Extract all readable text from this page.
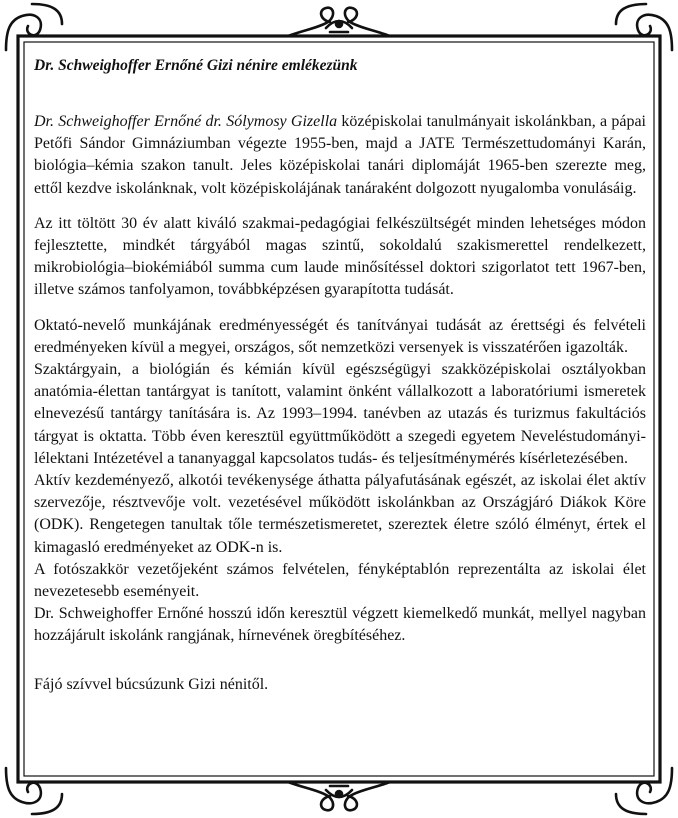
Dr. Schweighoffer Ernőné Gizi nénire emlékezünk

Dr. Schweighoffer Ernőné dr. Sólymosy Gizella középiskolai tanulmányait iskolánkban, a pápai Petőfi Sándor Gimnáziumban végezte 1955-ben, majd a JATE Természettudományi Karán, biológia–kémia szakon tanult. Jeles középiskolai tanári diplomáját 1965-ben szerezte meg, ettől kezdve iskolánknak, volt középiskolájának tanáraként dolgozott nyugalomba vonulásáig.

Az itt töltött 30 év alatt kiváló szakmai-pedagógiai felkészültségét minden lehetséges módon fejlesztette, mindkét tárgyából magas szintű, sokoldalú szakismerettel rendelkezett, mikrobiológia–biokémiából summa cum laude minősítéssel doktori szigorlatot tett 1967-ben, illetve számos tanfolyamon, továbbképzésen gyarapította tudását.

Oktató-nevelő munkájának eredményességét és tanítványai tudását az érettségi és felvételi eredményeken kívül a megyei, országos, sőt nemzetközi versenyek is visszatérően igazolták.

Szaktárgyain, a biológián és kémián kívül egészségügyi szakközépiskolai osztályokban anatómia-élettan tantárgyat is tanított, valamint önként vállalkozott a laboratóriumi ismeretek elnevezésű tantárgy tanítására is. Az 1993–1994. tanévben az utazás és turizmus fakultációs tárgyat is oktatta. Több éven keresztül együttműködött a szegedi egyetem Neveléstudományi-lélektani Intézetével a tananyaggal kapcsolatos tudás- és teljesítménymérés kísérletezésében.

Aktív kezdeményező, alkotói tevékenysége áthatta pályafutásának egészét, az iskolai élet aktív szervezője, résztvevője volt. vezetésével működött iskolánkban az Országjáró Diákok Köre (ODK). Rengetegen tanultak tőle természetismeretet, szereztek életre szóló élményt, értek el kimagasló eredményeket az ODK-n is.

A fotószakkör vezetőjeként számos felvételen, fényképtablón reprezentálta az iskolai élet nevezetesebb eseményeit.

Dr. Schweighoffer Ernőné hosszú időn keresztül végzett kiemelkedő munkát, mellyel nagyban hozzájárult iskolánk rangjának, hírnevének öregbítéséhez.

Fájó szívvel búcsúzunk Gizi nénitől.
